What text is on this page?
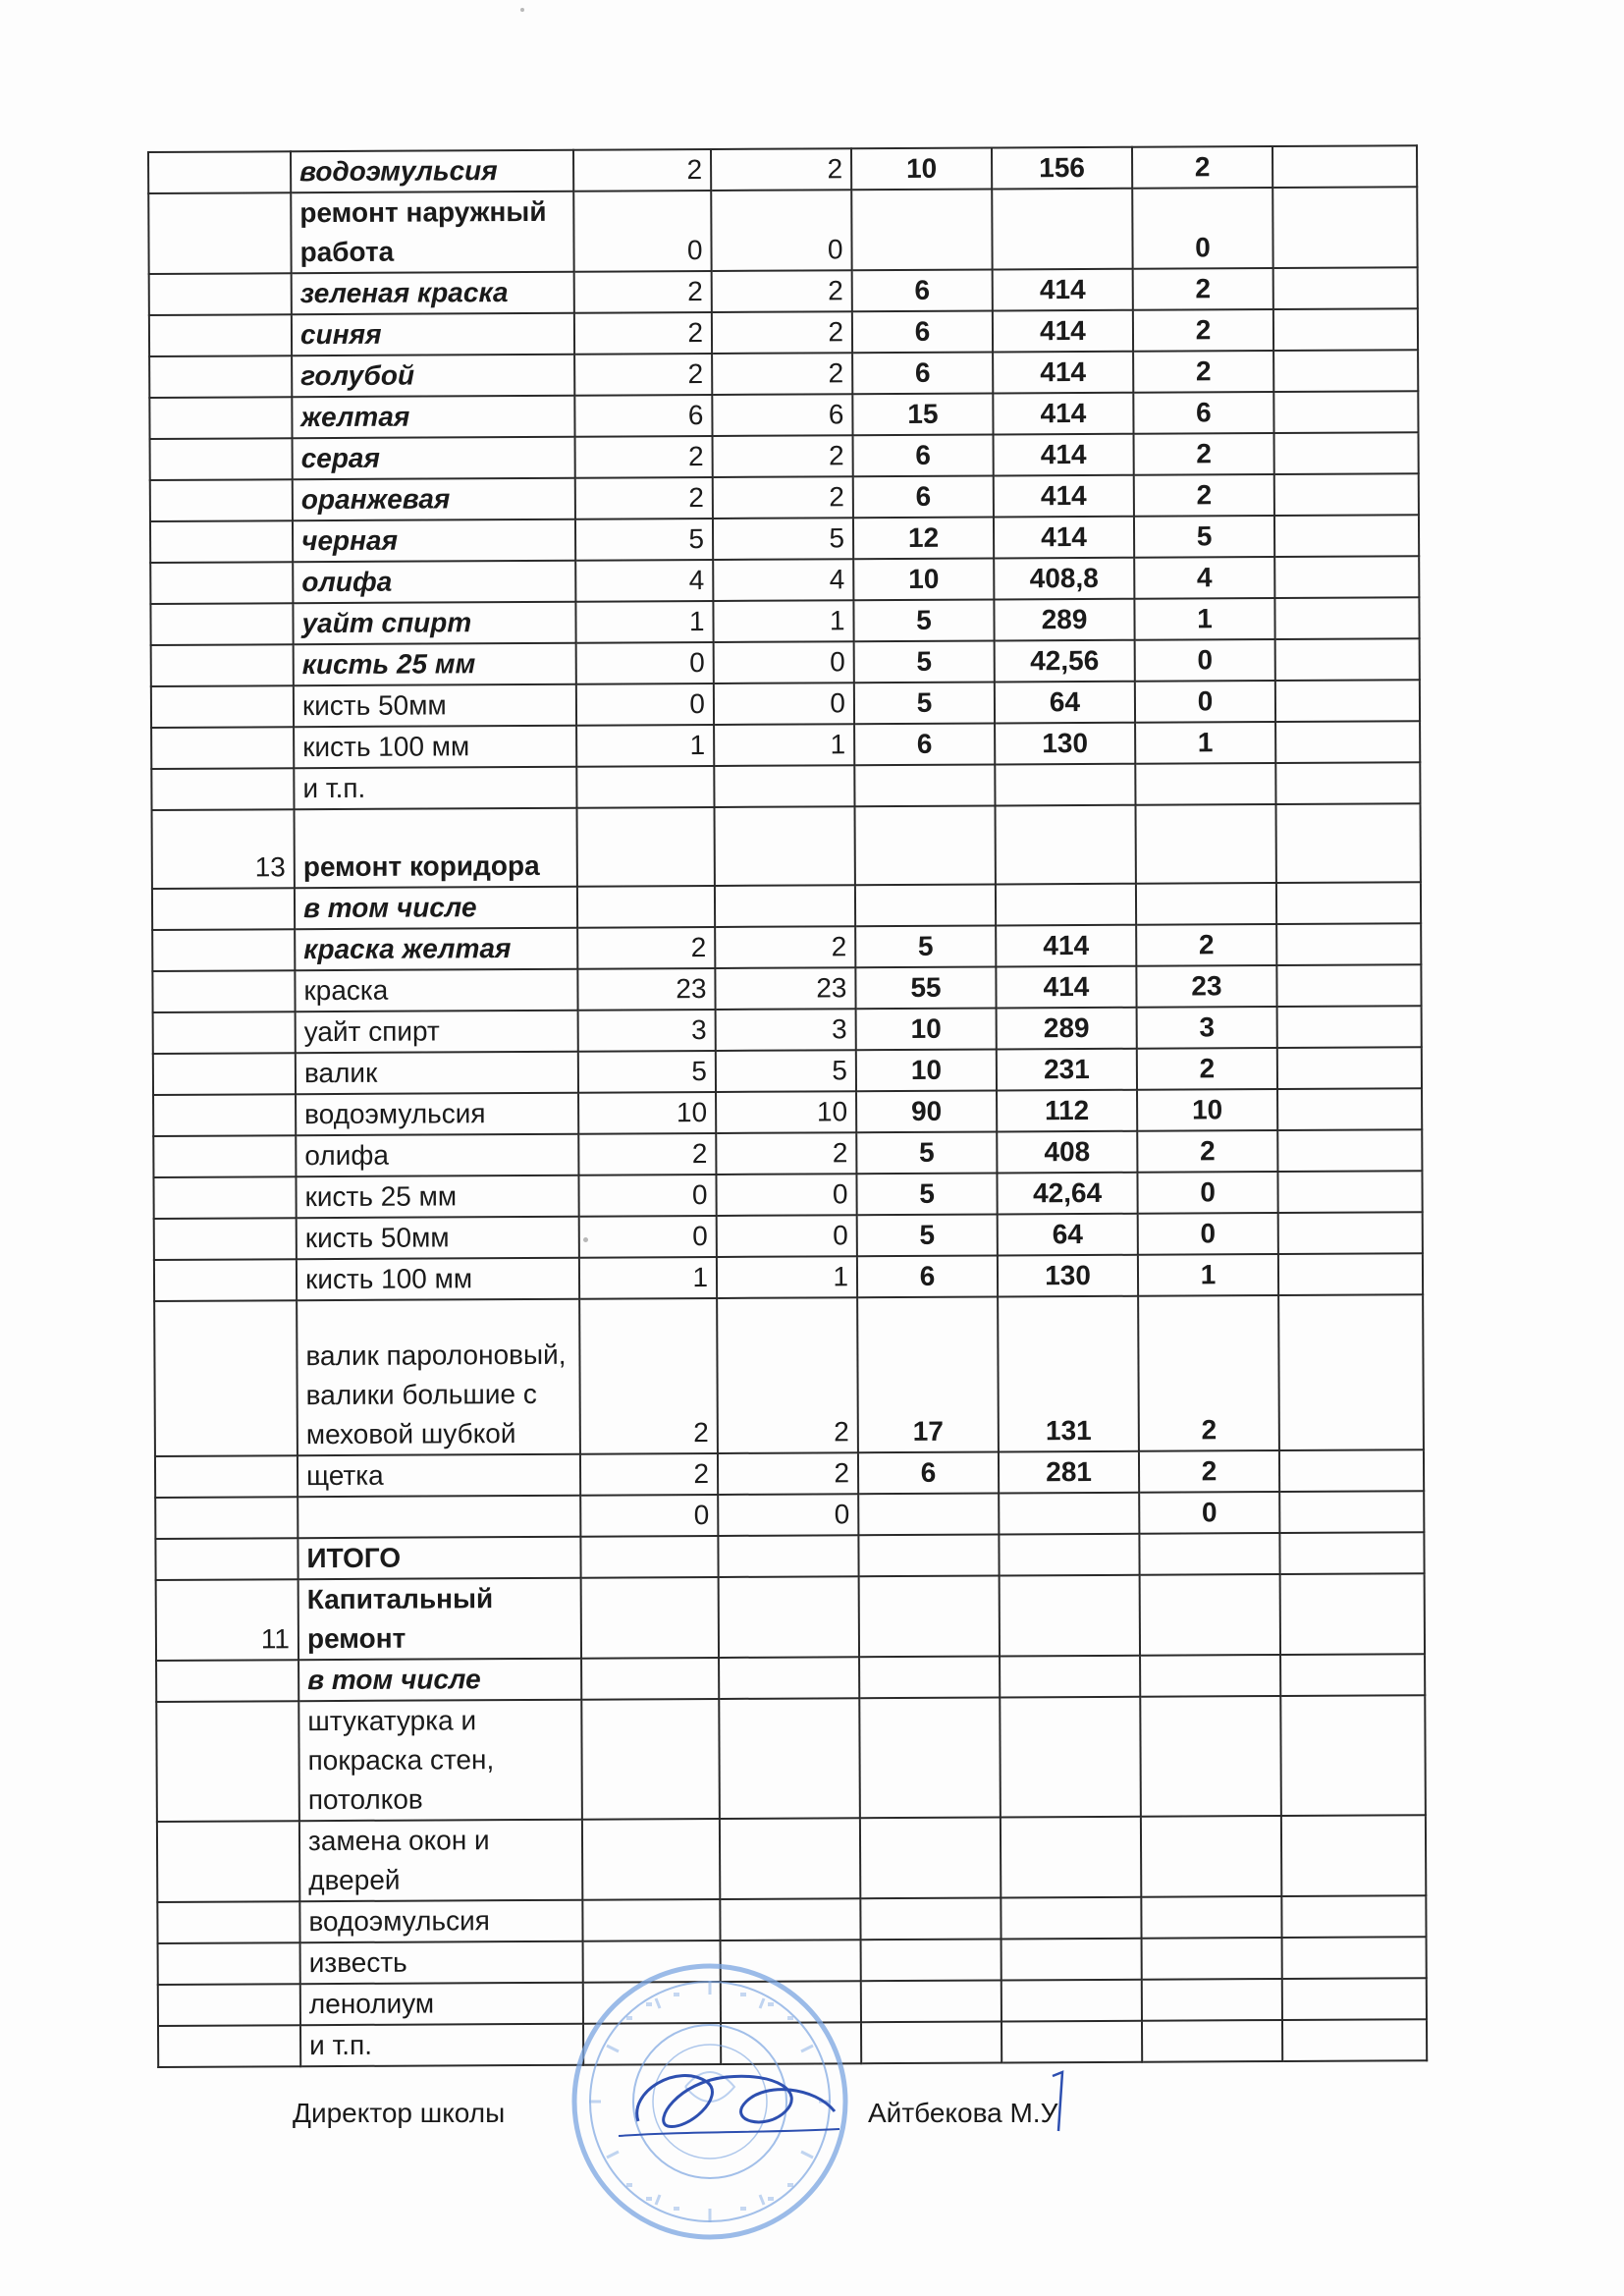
	водоэмульсия	2	2	10	156	2	
	ремонт наружный работа	0	0			0	
	зеленая краска	2	2	6	414	2	
	синяя	2	2	6	414	2	
	голубой	2	2	6	414	2	
	желтая	6	6	15	414	6	
	серая	2	2	6	414	2	
	оранжевая	2	2	6	414	2	
	черная	5	5	12	414	5	
	олифа	4	4	10	408,8	4	
	уайт спирт	1	1	5	289	1	
	кисть 25 мм	0	0	5	42,56	0	
	кисть 50мм	0	0	5	64	0	
	кисть 100 мм	1	1	6	130	1	
	и т.п.						
13	ремонт коридора						
	в том числе						
	краска желтая	2	2	5	414	2	
	краска	23	23	55	414	23	
	уайт спирт	3	3	10	289	3	
	валик	5	5	10	231	2	
	водоэмульсия	10	10	90	112	10	
	олифа	2	2	5	408	2	
	кисть 25 мм	0	0	5	42,64	0	
	кисть 50мм	0	0	5	64	0	
	кисть 100 мм	1	1	6	130	1	
	валик паролоновый, валики большие с меховой шубкой	2	2	17	131	2	
	щетка	2	2	6	281	2	
		0	0			0	
	ИТОГО						
11	Капитальный ремонт						
	в том числе						
	штукатурка и покраска стен, потолков						
	замена окон и дверей						
	водоэмульсия						
	известь						
	ленолиум						
	и т.п.						
Директор школы	Айтбекова М.У
